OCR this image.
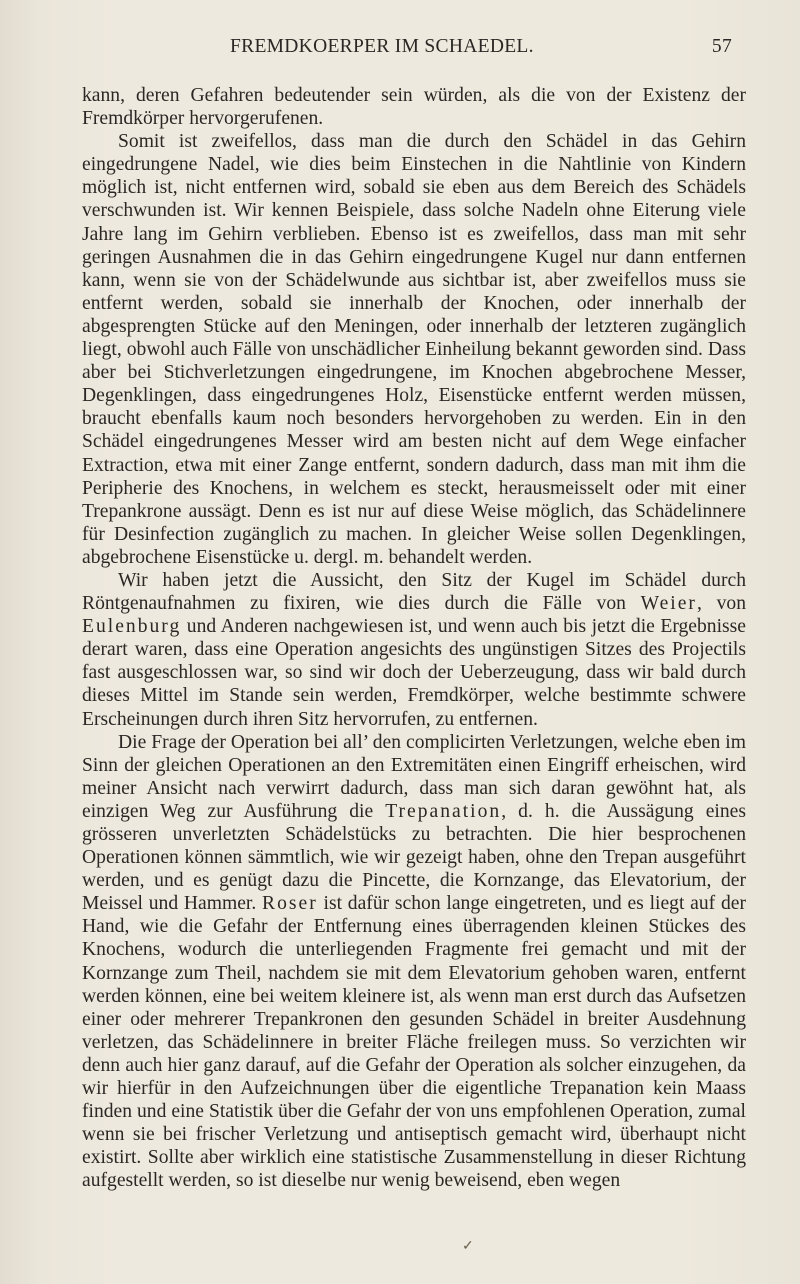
FREMDKOERPER IM SCHAEDEL.	57

kann, deren Gefahren bedeutender sein würden, als die von der Existenz der Fremdkörper hervorgerufenen.

Somit ist zweifellos, dass man die durch den Schädel in das Gehirn eingedrungene Nadel, wie dies beim Einstechen in die Nahtlinie von Kindern möglich ist, nicht entfernen wird, sobald sie eben aus dem Bereich des Schädels verschwunden ist. Wir kennen Beispiele, dass solche Nadeln ohne Eiterung viele Jahre lang im Gehirn verblieben. Ebenso ist es zweifellos, dass man mit sehr geringen Ausnahmen die in das Gehirn eingedrungene Kugel nur dann entfernen kann, wenn sie von der Schädelwunde aus sichtbar ist, aber zweifellos muss sie entfernt werden, sobald sie innerhalb der Knochen, oder innerhalb der abgesprengten Stücke auf den Meningen, oder innerhalb der letzteren zugänglich liegt, obwohl auch Fälle von unschädlicher Einheilung bekannt geworden sind. Dass aber bei Stichverletzungen eingedrungene, im Knochen abgebrochene Messer, Degenklingen, dass eingedrungenes Holz, Eisenstücke entfernt werden müssen, braucht ebenfalls kaum noch besonders hervorgehoben zu werden. Ein in den Schädel eingedrungenes Messer wird am besten nicht auf dem Wege einfacher Extraction, etwa mit einer Zange entfernt, sondern dadurch, dass man mit ihm die Peripherie des Knochens, in welchem es steckt, herausmeisselt oder mit einer Trepankrone aussägt. Denn es ist nur auf diese Weise möglich, das Schädelinnere für Desinfection zugänglich zu machen. In gleicher Weise sollen Degenklingen, abgebrochene Eisenstücke u. dergl. m. behandelt werden.

Wir haben jetzt die Aussicht, den Sitz der Kugel im Schädel durch Röntgenaufnahmen zu fixiren, wie dies durch die Fälle von Weier, von Eulenburg und Anderen nachgewiesen ist, und wenn auch bis jetzt die Ergebnisse derart waren, dass eine Operation angesichts des ungünstigen Sitzes des Projectils fast ausgeschlossen war, so sind wir doch der Ueberzeugung, dass wir bald durch dieses Mittel im Stande sein werden, Fremdkörper, welche bestimmte schwere Erscheinungen durch ihren Sitz hervorrufen, zu entfernen.

Die Frage der Operation bei all’ den complicirten Verletzungen, welche eben im Sinn der gleichen Operationen an den Extremitäten einen Eingriff erheischen, wird meiner Ansicht nach verwirrt dadurch, dass man sich daran gewöhnt hat, als einzigen Weg zur Ausführung die Trepanation, d. h. die Aussägung eines grösseren unverletzten Schädelstücks zu betrachten. Die hier besprochenen Operationen können sämmtlich, wie wir gezeigt haben, ohne den Trepan ausgeführt werden, und es genügt dazu die Pincette, die Kornzange, das Elevatorium, der Meissel und Hammer. Roser ist dafür schon lange eingetreten, und es liegt auf der Hand, wie die Gefahr der Entfernung eines überragenden kleinen Stückes des Knochens, wodurch die unterliegenden Fragmente frei gemacht und mit der Kornzange zum Theil, nachdem sie mit dem Elevatorium gehoben waren, entfernt werden können, eine bei weitem kleinere ist, als wenn man erst durch das Aufsetzen einer oder mehrerer Trepankronen den gesunden Schädel in breiter Ausdehnung verletzen, das Schädelinnere in breiter Fläche freilegen muss. So verzichten wir denn auch hier ganz darauf, auf die Gefahr der Operation als solcher einzugehen, da wir hierfür in den Aufzeichnungen über die eigentliche Trepanation kein Maass finden und eine Statistik über die Gefahr der von uns empfohlenen Operation, zumal wenn sie bei frischer Verletzung und antiseptisch gemacht wird, überhaupt nicht existirt. Sollte aber wirklich eine statistische Zusammenstellung in dieser Richtung aufgestellt werden, so ist dieselbe nur wenig beweisend, eben wegen

✓
